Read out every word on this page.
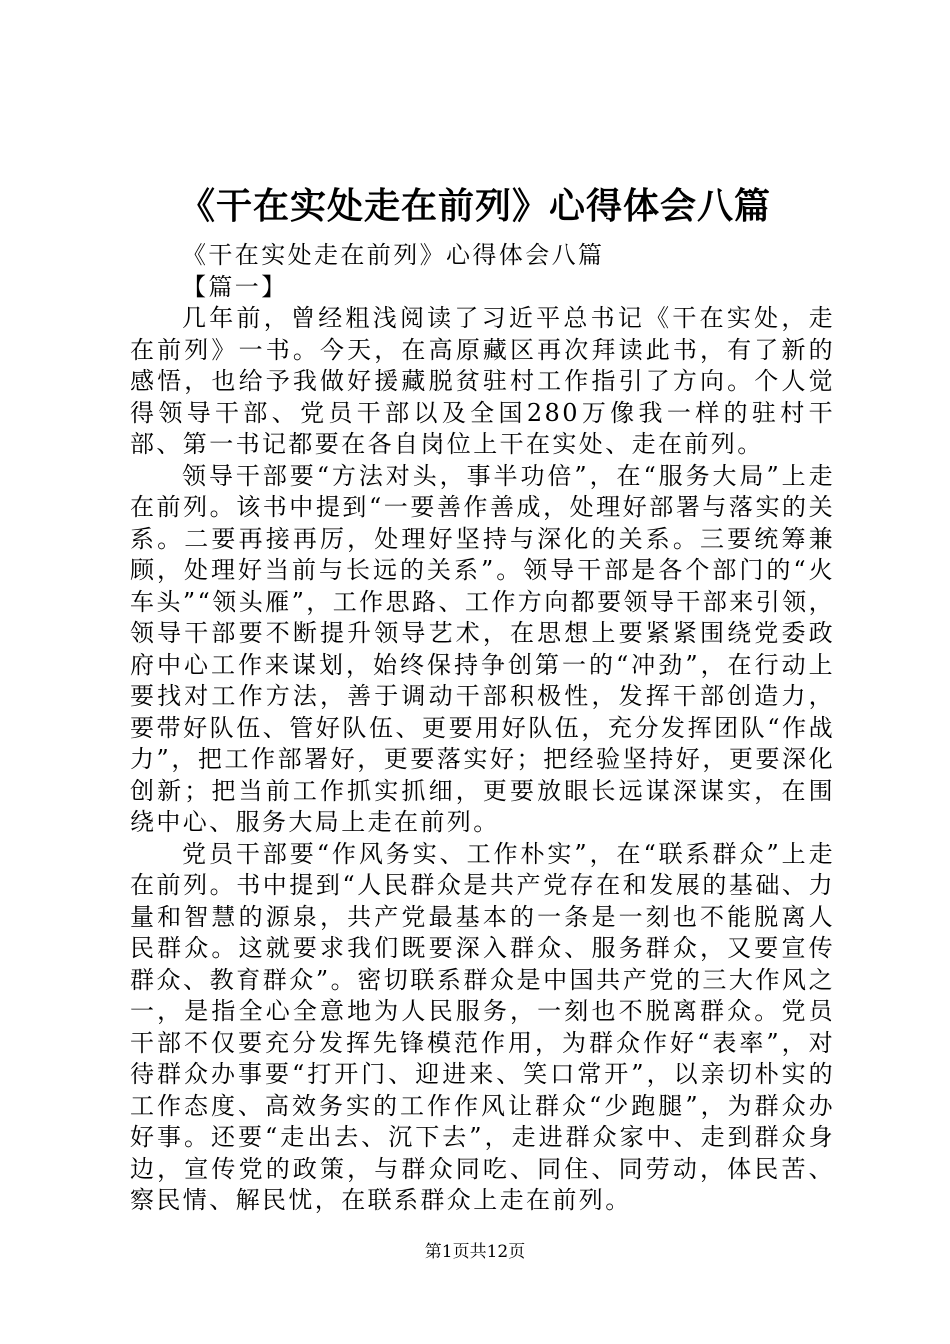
《干在实处走在前列》心得体会八篇

《干在实处走在前列》心得体会八篇

【篇一】

几年前，曾经粗浅阅读了习近平总书记《干在实处，走在前列》一书。今天，在高原藏区再次拜读此书，有了新的感悟，也给予我做好援藏脱贫驻村工作指引了方向。个人觉得领导干部、党员干部以及全国280万像我一样的驻村干部、第一书记都要在各自岗位上干在实处、走在前列。

领导干部要“方法对头，事半功倍”，在“服务大局”上走在前列。该书中提到“一要善作善成，处理好部署与落实的关系。二要再接再厉，处理好坚持与深化的关系。三要统筹兼顾，处理好当前与长远的关系”。领导干部是各个部门的“火车头”“领头雁”，工作思路、工作方向都要领导干部来引领，领导干部要不断提升领导艺术，在思想上要紧紧围绕党委政府中心工作来谋划，始终保持争创第一的“冲劲”，在行动上要找对工作方法，善于调动干部积极性，发挥干部创造力，要带好队伍、管好队伍、更要用好队伍，充分发挥团队“作战力”，把工作部署好，更要落实好；把经验坚持好，更要深化创新；把当前工作抓实抓细，更要放眼长远谋深谋实，在围绕中心、服务大局上走在前列。

党员干部要“作风务实、工作朴实”，在“联系群众”上走在前列。书中提到“人民群众是共产党存在和发展的基础、力量和智慧的源泉，共产党最基本的一条是一刻也不能脱离人民群众。这就要求我们既要深入群众、服务群众，又要宣传群众、教育群众”。密切联系群众是中国共产党的三大作风之一，是指全心全意地为人民服务，一刻也不脱离群众。党员干部不仅要充分发挥先锋模范作用，为群众作好“表率”，对待群众办事要“打开门、迎进来、笑口常开”，以亲切朴实的工作态度、高效务实的工作作风让群众“少跑腿”，为群众办好事。还要“走出去、沉下去”，走进群众家中、走到群众身边，宣传党的政策，与群众同吃、同住、同劳动，体民苦、察民情、解民忧，在联系群众上走在前列。

第1页共12页
